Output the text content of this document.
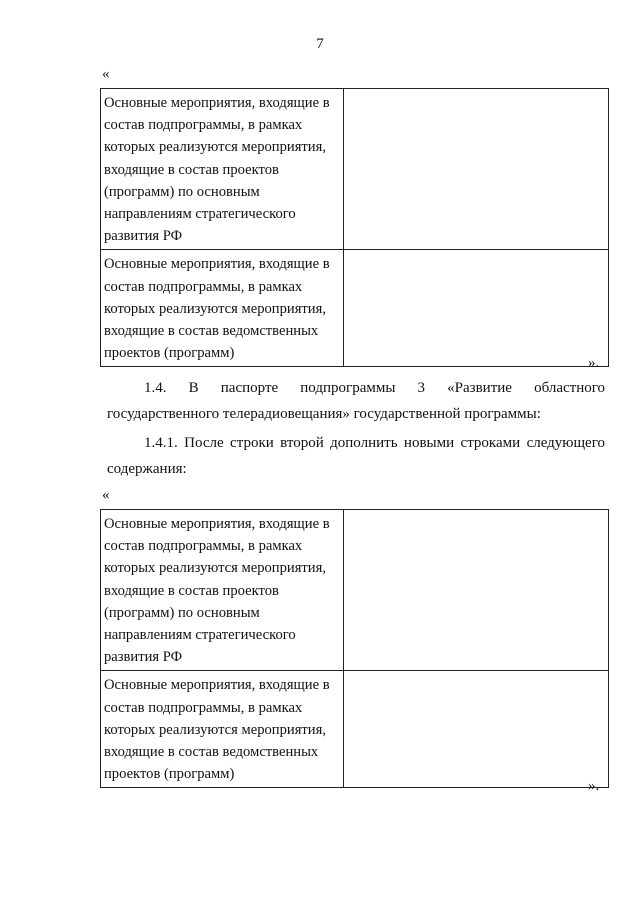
7
«
Основные мероприятия, входящие в состав подпрограммы, в рамках которых реализуются мероприятия, входящие в состав проектов (программ) по основным направлениям стратегического развития РФ	
Основные мероприятия, входящие в состав подпрограммы, в рамках которых реализуются мероприятия, входящие в состав ведомственных проектов (программ)	
».
1.4. В паспорте подпрограммы 3 «Развитие областного
государственного телерадиовещания» государственной программы:
1.4.1. После строки второй дополнить новыми строками следующего
содержания:
«
Основные мероприятия, входящие в состав подпрограммы, в рамках которых реализуются мероприятия, входящие в состав проектов (программ) по основным направлениям стратегического развития РФ	
Основные мероприятия, входящие в состав подпрограммы, в рамках которых реализуются мероприятия, входящие в состав ведомственных проектов (программ)	
».
